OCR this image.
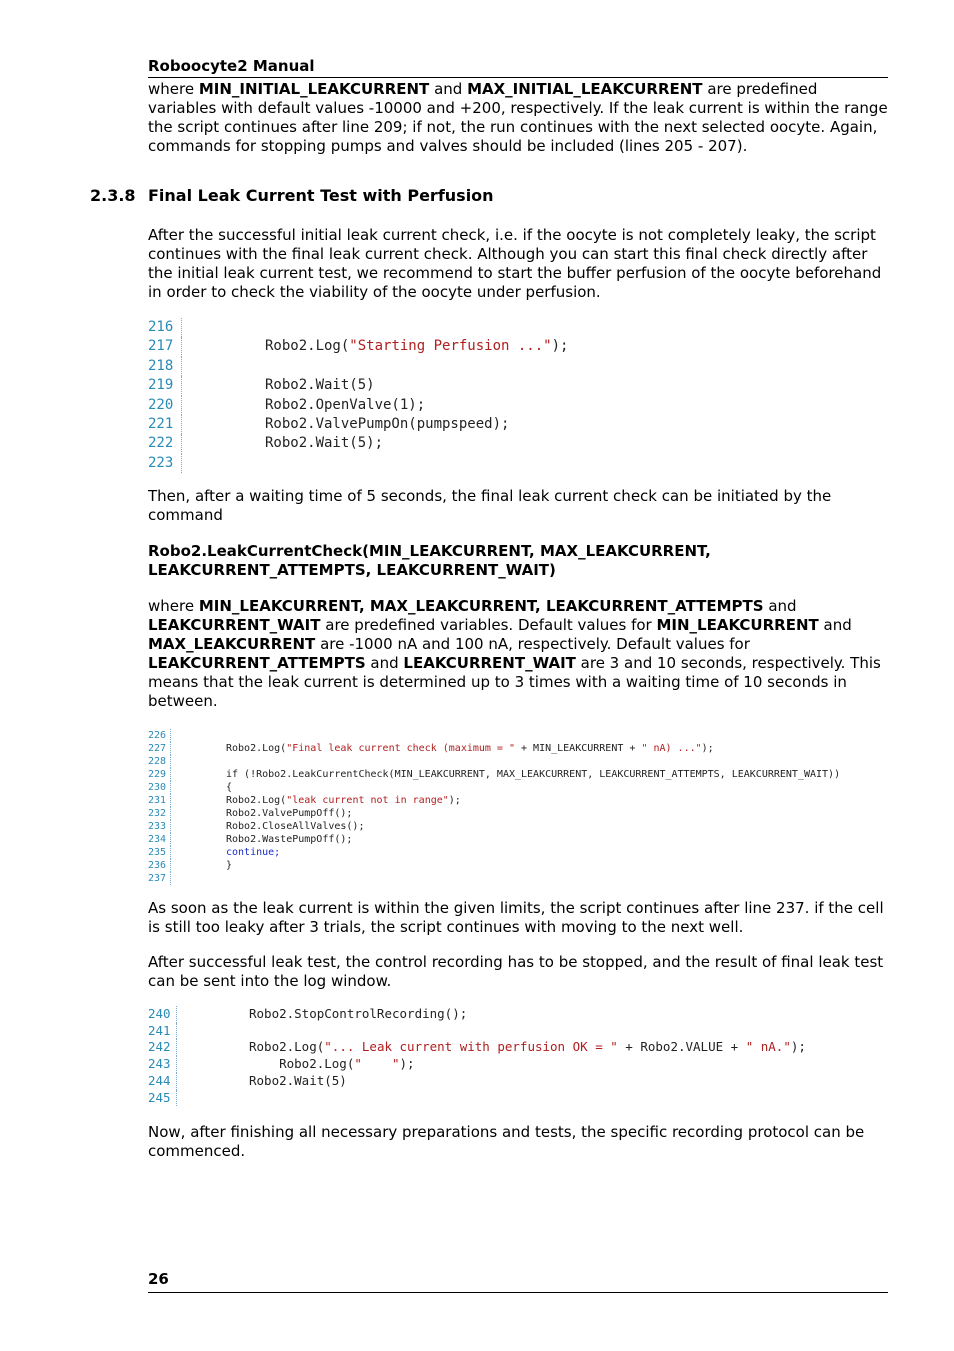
Roboocyte2 Manual
where MIN_INITIAL_LEAKCURRENT and MAX_INITIAL_LEAKCURRENT are predefined variables with default values -10000 and +200, respectively. If the leak current is within the range the script continues after line 209; if not, the run continues with the next selected oocyte. Again, commands for stopping pumps and valves should be included (lines 205 - 207).
2.3.8 Final Leak Current Test with Perfusion
After the successful initial leak current check, i.e. if the oocyte is not completely leaky, the script continues with the final leak current check. Although you can start this final check directly after the initial leak current test, we recommend to start the buffer perfusion of the oocyte beforehand in order to check the viability of the oocyte under perfusion.
216

217	Robo2.Log("Starting Perfusion ...");
218

219	Robo2.Wait(5)
220	Robo2.OpenValve(1);
221	Robo2.ValvePumpOn(pumpspeed);
222	Robo2.Wait(5);
223

Then, after a waiting time of 5 seconds, the final leak current check can be initiated by the command
Robo2.LeakCurrentCheck(MIN_LEAKCURRENT, MAX_LEAKCURRENT,
LEAKCURRENT_ATTEMPTS, LEAKCURRENT_WAIT)
where MIN_LEAKCURRENT, MAX_LEAKCURRENT, LEAKCURRENT_ATTEMPTS and LEAKCURRENT_WAIT are predefined variables. Default values for MIN_LEAKCURRENT and MAX_LEAKCURRENT are -1000 nA and 100 nA, respectively. Default values for LEAKCURRENT_ATTEMPTS and LEAKCURRENT_WAIT are 3 and 10 seconds, respectively. This means that the leak current is determined up to 3 times with a waiting time of 10 seconds in between.
226

227	Robo2.Log("Final leak current check (maximum = " + MIN_LEAKCURRENT + " nA) ...");
228

229	if (!Robo2.LeakCurrentCheck(MIN_LEAKCURRENT, MAX_LEAKCURRENT, LEAKCURRENT_ATTEMPTS, LEAKCURRENT_WAIT))
230	{
231	Robo2.Log("leak current not in range");
232	Robo2.ValvePumpOff();
233	Robo2.CloseAllValves();
234	Robo2.WastePumpOff();
235	continue;
236	}
237

As soon as the leak current is within the given limits, the script continues after line 237. if the cell is still too leaky after 3 trials, the script continues with moving to the next well.
After successful leak test, the control recording has to be stopped, and the result of final leak test can be sent into the log window.
240	Robo2.StopControlRecording();
241

242	Robo2.Log("... Leak current with perfusion OK = " + Robo2.VALUE + " nA.");
243	Robo2.Log("    ");
244	Robo2.Wait(5)
245

Now, after finishing all necessary preparations and tests, the specific recording protocol can be commenced.
26
